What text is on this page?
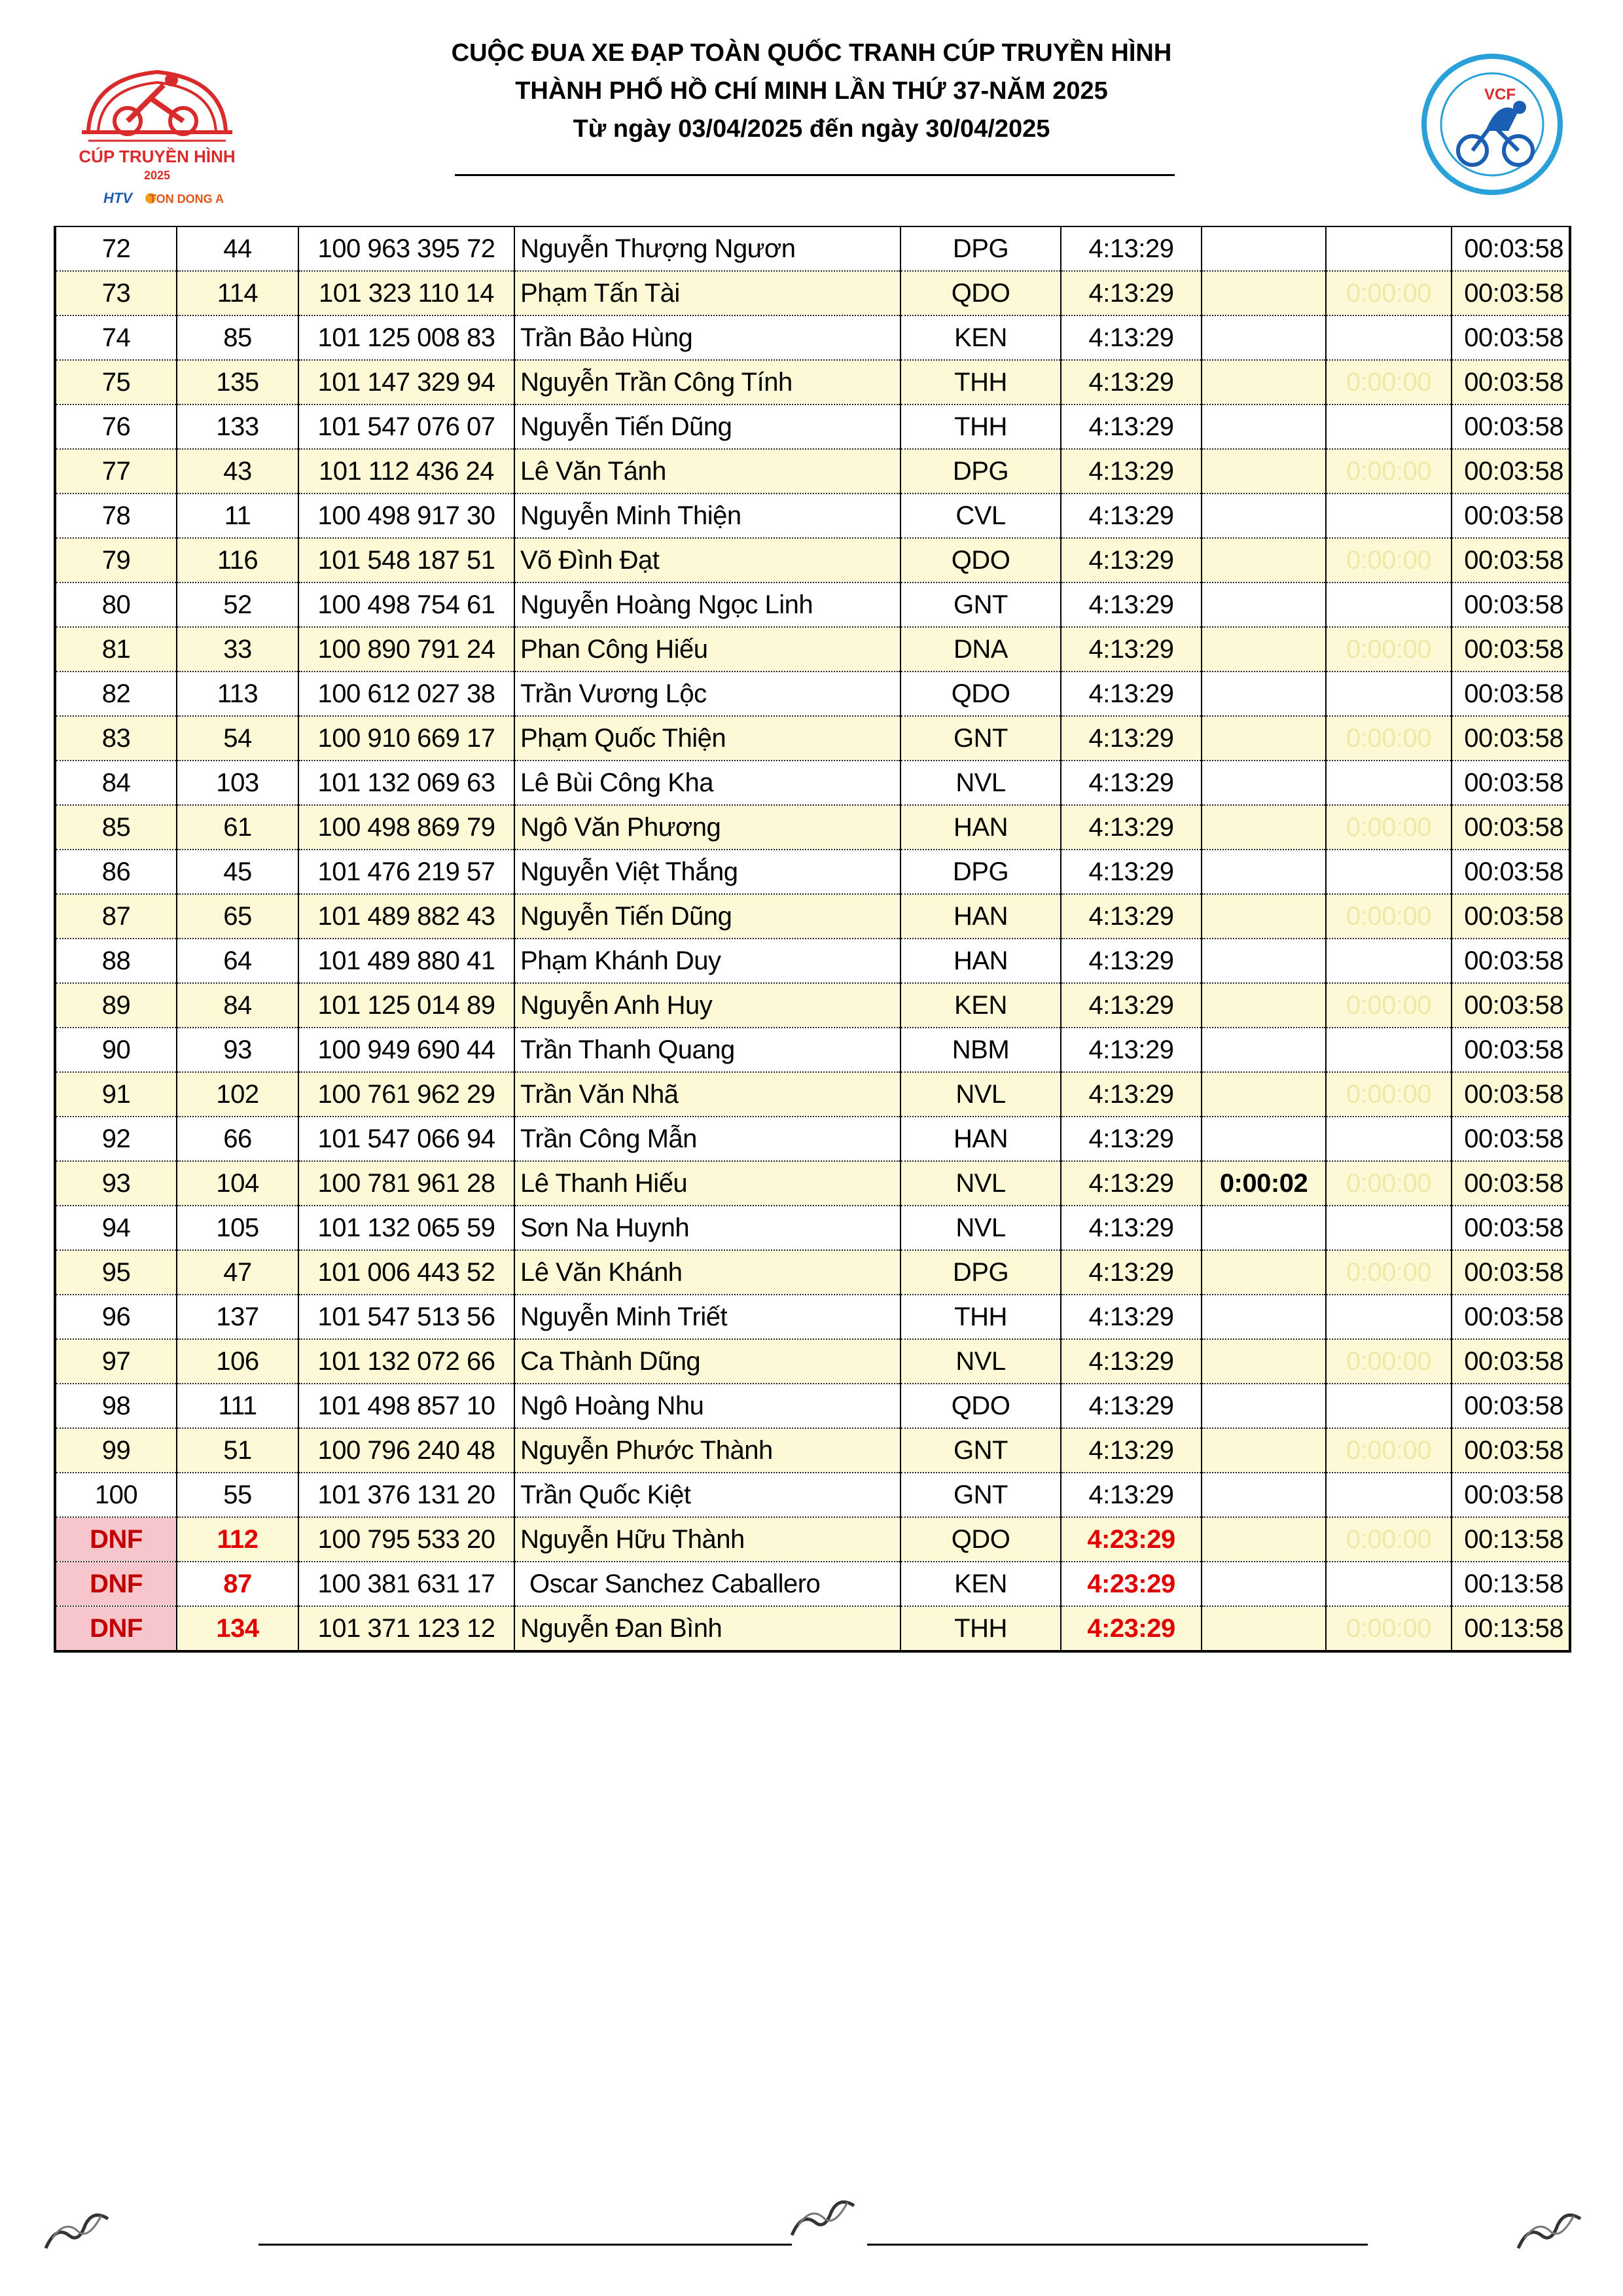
CÚP TRUYỀN HÌNH
2025
HTV TON DONG A
CUỘC ĐUA XE ĐẠP TOÀN QUỐC TRANH CÚP TRUYỀN HÌNH
THÀNH PHỐ HỒ CHÍ MINH LẦN THỨ 37-NĂM 2025
Từ ngày 03/04/2025 đến ngày 30/04/2025
VCF
72	44	100 963 395 72	Nguyễn Thượng Ngươn	DPG	4:13:29			00:03:58
73	114	101 323 110 14	Phạm Tấn Tài	QDO	4:13:29		0:00:00	00:03:58
74	85	101 125 008 83	Trần Bảo Hùng	KEN	4:13:29			00:03:58
75	135	101 147 329 94	Nguyễn Trần Công Tính	THH	4:13:29		0:00:00	00:03:58
76	133	101 547 076 07	Nguyễn Tiến Dũng	THH	4:13:29			00:03:58
77	43	101 112 436 24	Lê Văn Tánh	DPG	4:13:29		0:00:00	00:03:58
78	11	100 498 917 30	Nguyễn Minh Thiện	CVL	4:13:29			00:03:58
79	116	101 548 187 51	Võ Đình Đạt	QDO	4:13:29		0:00:00	00:03:58
80	52	100 498 754 61	Nguyễn Hoàng Ngọc Linh	GNT	4:13:29			00:03:58
81	33	100 890 791 24	Phan Công Hiếu	DNA	4:13:29		0:00:00	00:03:58
82	113	100 612 027 38	Trần Vương Lộc	QDO	4:13:29			00:03:58
83	54	100 910 669 17	Phạm Quốc Thiện	GNT	4:13:29		0:00:00	00:03:58
84	103	101 132 069 63	Lê Bùi Công Kha	NVL	4:13:29			00:03:58
85	61	100 498 869 79	Ngô Văn Phương	HAN	4:13:29		0:00:00	00:03:58
86	45	101 476 219 57	Nguyễn Việt Thắng	DPG	4:13:29			00:03:58
87	65	101 489 882 43	Nguyễn Tiến Dũng	HAN	4:13:29		0:00:00	00:03:58
88	64	101 489 880 41	Phạm Khánh Duy	HAN	4:13:29			00:03:58
89	84	101 125 014 89	Nguyễn Anh Huy	KEN	4:13:29		0:00:00	00:03:58
90	93	100 949 690 44	Trần Thanh Quang	NBM	4:13:29			00:03:58
91	102	100 761 962 29	Trần Văn Nhã	NVL	4:13:29		0:00:00	00:03:58
92	66	101 547 066 94	Trần Công Mẫn	HAN	4:13:29			00:03:58
93	104	100 781 961 28	Lê Thanh Hiếu	NVL	4:13:29	0:00:02	0:00:00	00:03:58
94	105	101 132 065 59	Sơn Na Huynh	NVL	4:13:29			00:03:58
95	47	101 006 443 52	Lê Văn Khánh	DPG	4:13:29		0:00:00	00:03:58
96	137	101 547 513 56	Nguyễn Minh Triết	THH	4:13:29			00:03:58
97	106	101 132 072 66	Ca Thành Dũng	NVL	4:13:29		0:00:00	00:03:58
98	111	101 498 857 10	Ngô Hoàng Nhu	QDO	4:13:29			00:03:58
99	51	100 796 240 48	Nguyễn Phước Thành	GNT	4:13:29		0:00:00	00:03:58
100	55	101 376 131 20	Trần Quốc Kiệt	GNT	4:13:29			00:03:58
DNF	112	100 795 533 20	Nguyễn Hữu Thành	QDO	4:23:29		0:00:00	00:13:58
DNF	87	100 381 631 17	Oscar Sanchez Caballero	KEN	4:23:29			00:13:58
DNF	134	101 371 123 12	Nguyễn Đan Bình	THH	4:23:29		0:00:00	00:13:58
